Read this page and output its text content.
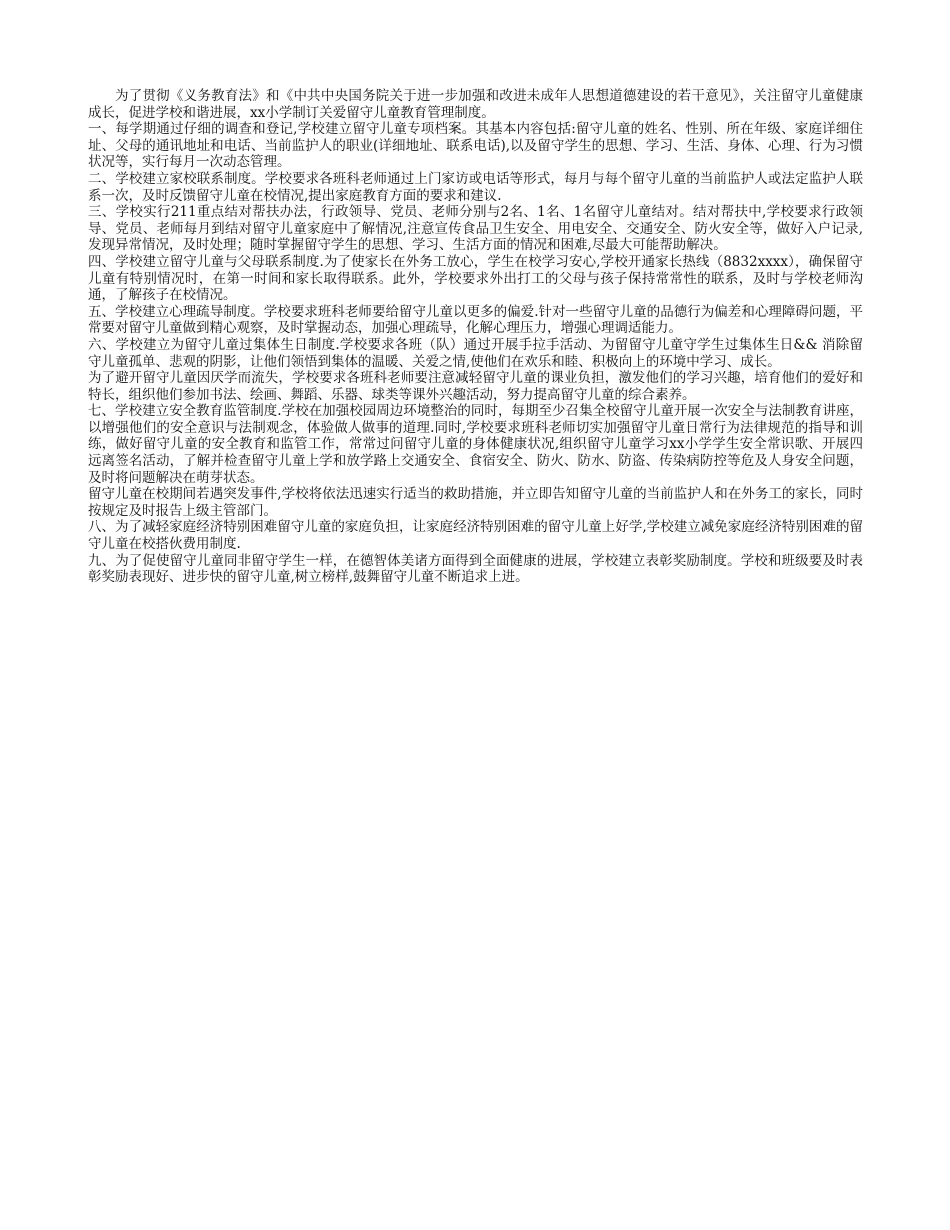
为了贯彻《义务教育法》和《中共中央国务院关于进一步加强和改进未成年人思想道德建设的若干意见》，关注留守儿童健康成长，促进学校和谐进展，xx小学制订关爱留守儿童教育管理制度。

一、每学期通过仔细的调查和登记,学校建立留守儿童专项档案。其基本内容包括:留守儿童的姓名、性别、所在年级、家庭详细住址、父母的通讯地址和电话、当前监护人的职业(详细地址、联系电话),以及留守学生的思想、学习、生活、身体、心理、行为习惯状况等，实行每月一次动态管理。

二、学校建立家校联系制度。学校要求各班科老师通过上门家访或电话等形式，每月与每个留守儿童的当前监护人或法定监护人联系一次，及时反馈留守儿童在校情况,提出家庭教育方面的要求和建议.

三、学校实行211重点结对帮扶办法，行政领导、党员、老师分别与2名、1名、1名留守儿童结对。结对帮扶中,学校要求行政领导、党员、老师每月到结对留守儿童家庭中了解情况,注意宣传食品卫生安全、用电安全、交通安全、防火安全等，做好入户记录,发现异常情况，及时处理；随时掌握留守学生的思想、学习、生活方面的情况和困难,尽最大可能帮助解决。

四、学校建立留守儿童与父母联系制度.为了使家长在外务工放心，学生在校学习安心,学校开通家长热线（8832xxxx），确保留守儿童有特别情况时，在第一时间和家长取得联系。此外，学校要求外出打工的父母与孩子保持常常性的联系，及时与学校老师沟通，了解孩子在校情况。

五、学校建立心理疏导制度。学校要求班科老师要给留守儿童以更多的偏爱.针对一些留守儿童的品德行为偏差和心理障碍问题，平常要对留守儿童做到精心观察，及时掌握动态，加强心理疏导，化解心理压力，增强心理调适能力。

六、学校建立为留守儿童过集体生日制度.学校要求各班（队）通过开展手拉手活动、为留留守儿童守学生过集体生日&& 消除留守儿童孤单、悲观的阴影，让他们领悟到集体的温暖、关爱之情,使他们在欢乐和睦、积极向上的环境中学习、成长。

为了避开留守儿童因厌学而流失，学校要求各班科老师要注意减轻留守儿童的课业负担，激发他们的学习兴趣，培育他们的爱好和特长，组织他们参加书法、绘画、舞蹈、乐器、球类等课外兴趣活动，努力提高留守儿童的综合素养。

七、学校建立安全教育监管制度.学校在加强校园周边环境整治的同时，每期至少召集全校留守儿童开展一次安全与法制教育讲座，以增强他们的安全意识与法制观念，体验做人做事的道理.同时,学校要求班科老师切实加强留守儿童日常行为法律规范的指导和训练，做好留守儿童的安全教育和监管工作，常常过问留守儿童的身体健康状况,组织留守儿童学习xx小学学生安全常识歌、开展四远离签名活动，了解并检查留守儿童上学和放学路上交通安全、食宿安全、防火、防水、防盗、传染病防控等危及人身安全问题，及时将问题解决在萌芽状态。

留守儿童在校期间若遇突发事件,学校将依法迅速实行适当的救助措施，并立即告知留守儿童的当前监护人和在外务工的家长，同时按规定及时报告上级主管部门。

八、为了减轻家庭经济特别困难留守儿童的家庭负担，让家庭经济特别困难的留守儿童上好学,学校建立减免家庭经济特别困难的留守儿童在校搭伙费用制度.

九、为了促使留守儿童同非留守学生一样，在德智体美诸方面得到全面健康的进展，学校建立表彰奖励制度。学校和班级要及时表彰奖励表现好、进步快的留守儿童,树立榜样,鼓舞留守儿童不断追求上进。
